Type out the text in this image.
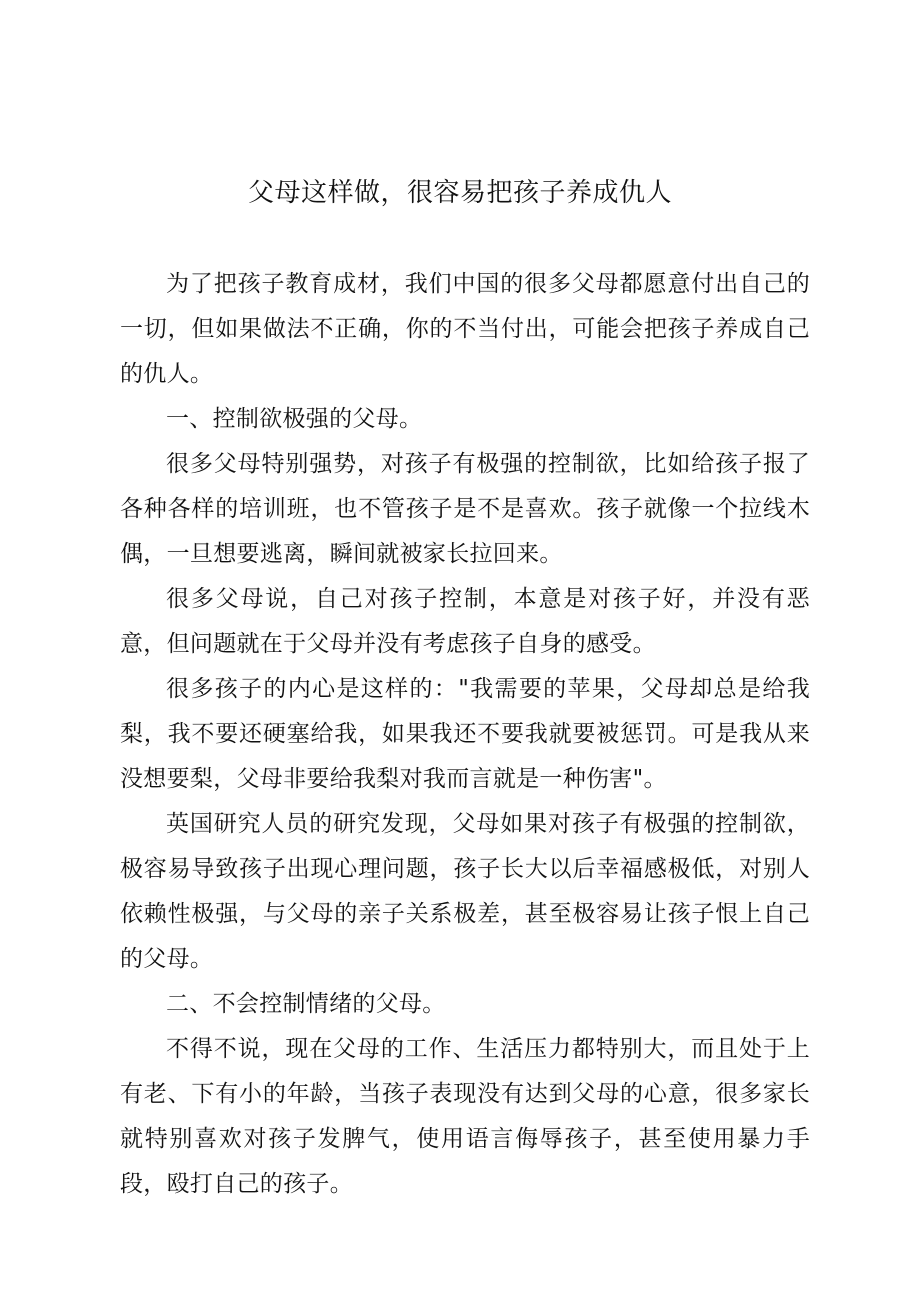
父母这样做，很容易把孩子养成仇人

为了把孩子教育成材，我们中国的很多父母都愿意付出自己的一切，但如果做法不正确，你的不当付出，可能会把孩子养成自己的仇人。

一、控制欲极强的父母。

很多父母特别强势，对孩子有极强的控制欲，比如给孩子报了各种各样的培训班，也不管孩子是不是喜欢。孩子就像一个拉线木偶，一旦想要逃离，瞬间就被家长拉回来。

很多父母说，自己对孩子控制，本意是对孩子好，并没有恶意，但问题就在于父母并没有考虑孩子自身的感受。

很多孩子的内心是这样的："我需要的苹果，父母却总是给我梨，我不要还硬塞给我，如果我还不要我就要被惩罚。可是我从来没想要梨，父母非要给我梨对我而言就是一种伤害"。

英国研究人员的研究发现，父母如果对孩子有极强的控制欲，极容易导致孩子出现心理问题，孩子长大以后幸福感极低，对别人依赖性极强，与父母的亲子关系极差，甚至极容易让孩子恨上自己的父母。

二、不会控制情绪的父母。

不得不说，现在父母的工作、生活压力都特别大，而且处于上有老、下有小的年龄，当孩子表现没有达到父母的心意，很多家长就特别喜欢对孩子发脾气，使用语言侮辱孩子，甚至使用暴力手段，殴打自己的孩子。
